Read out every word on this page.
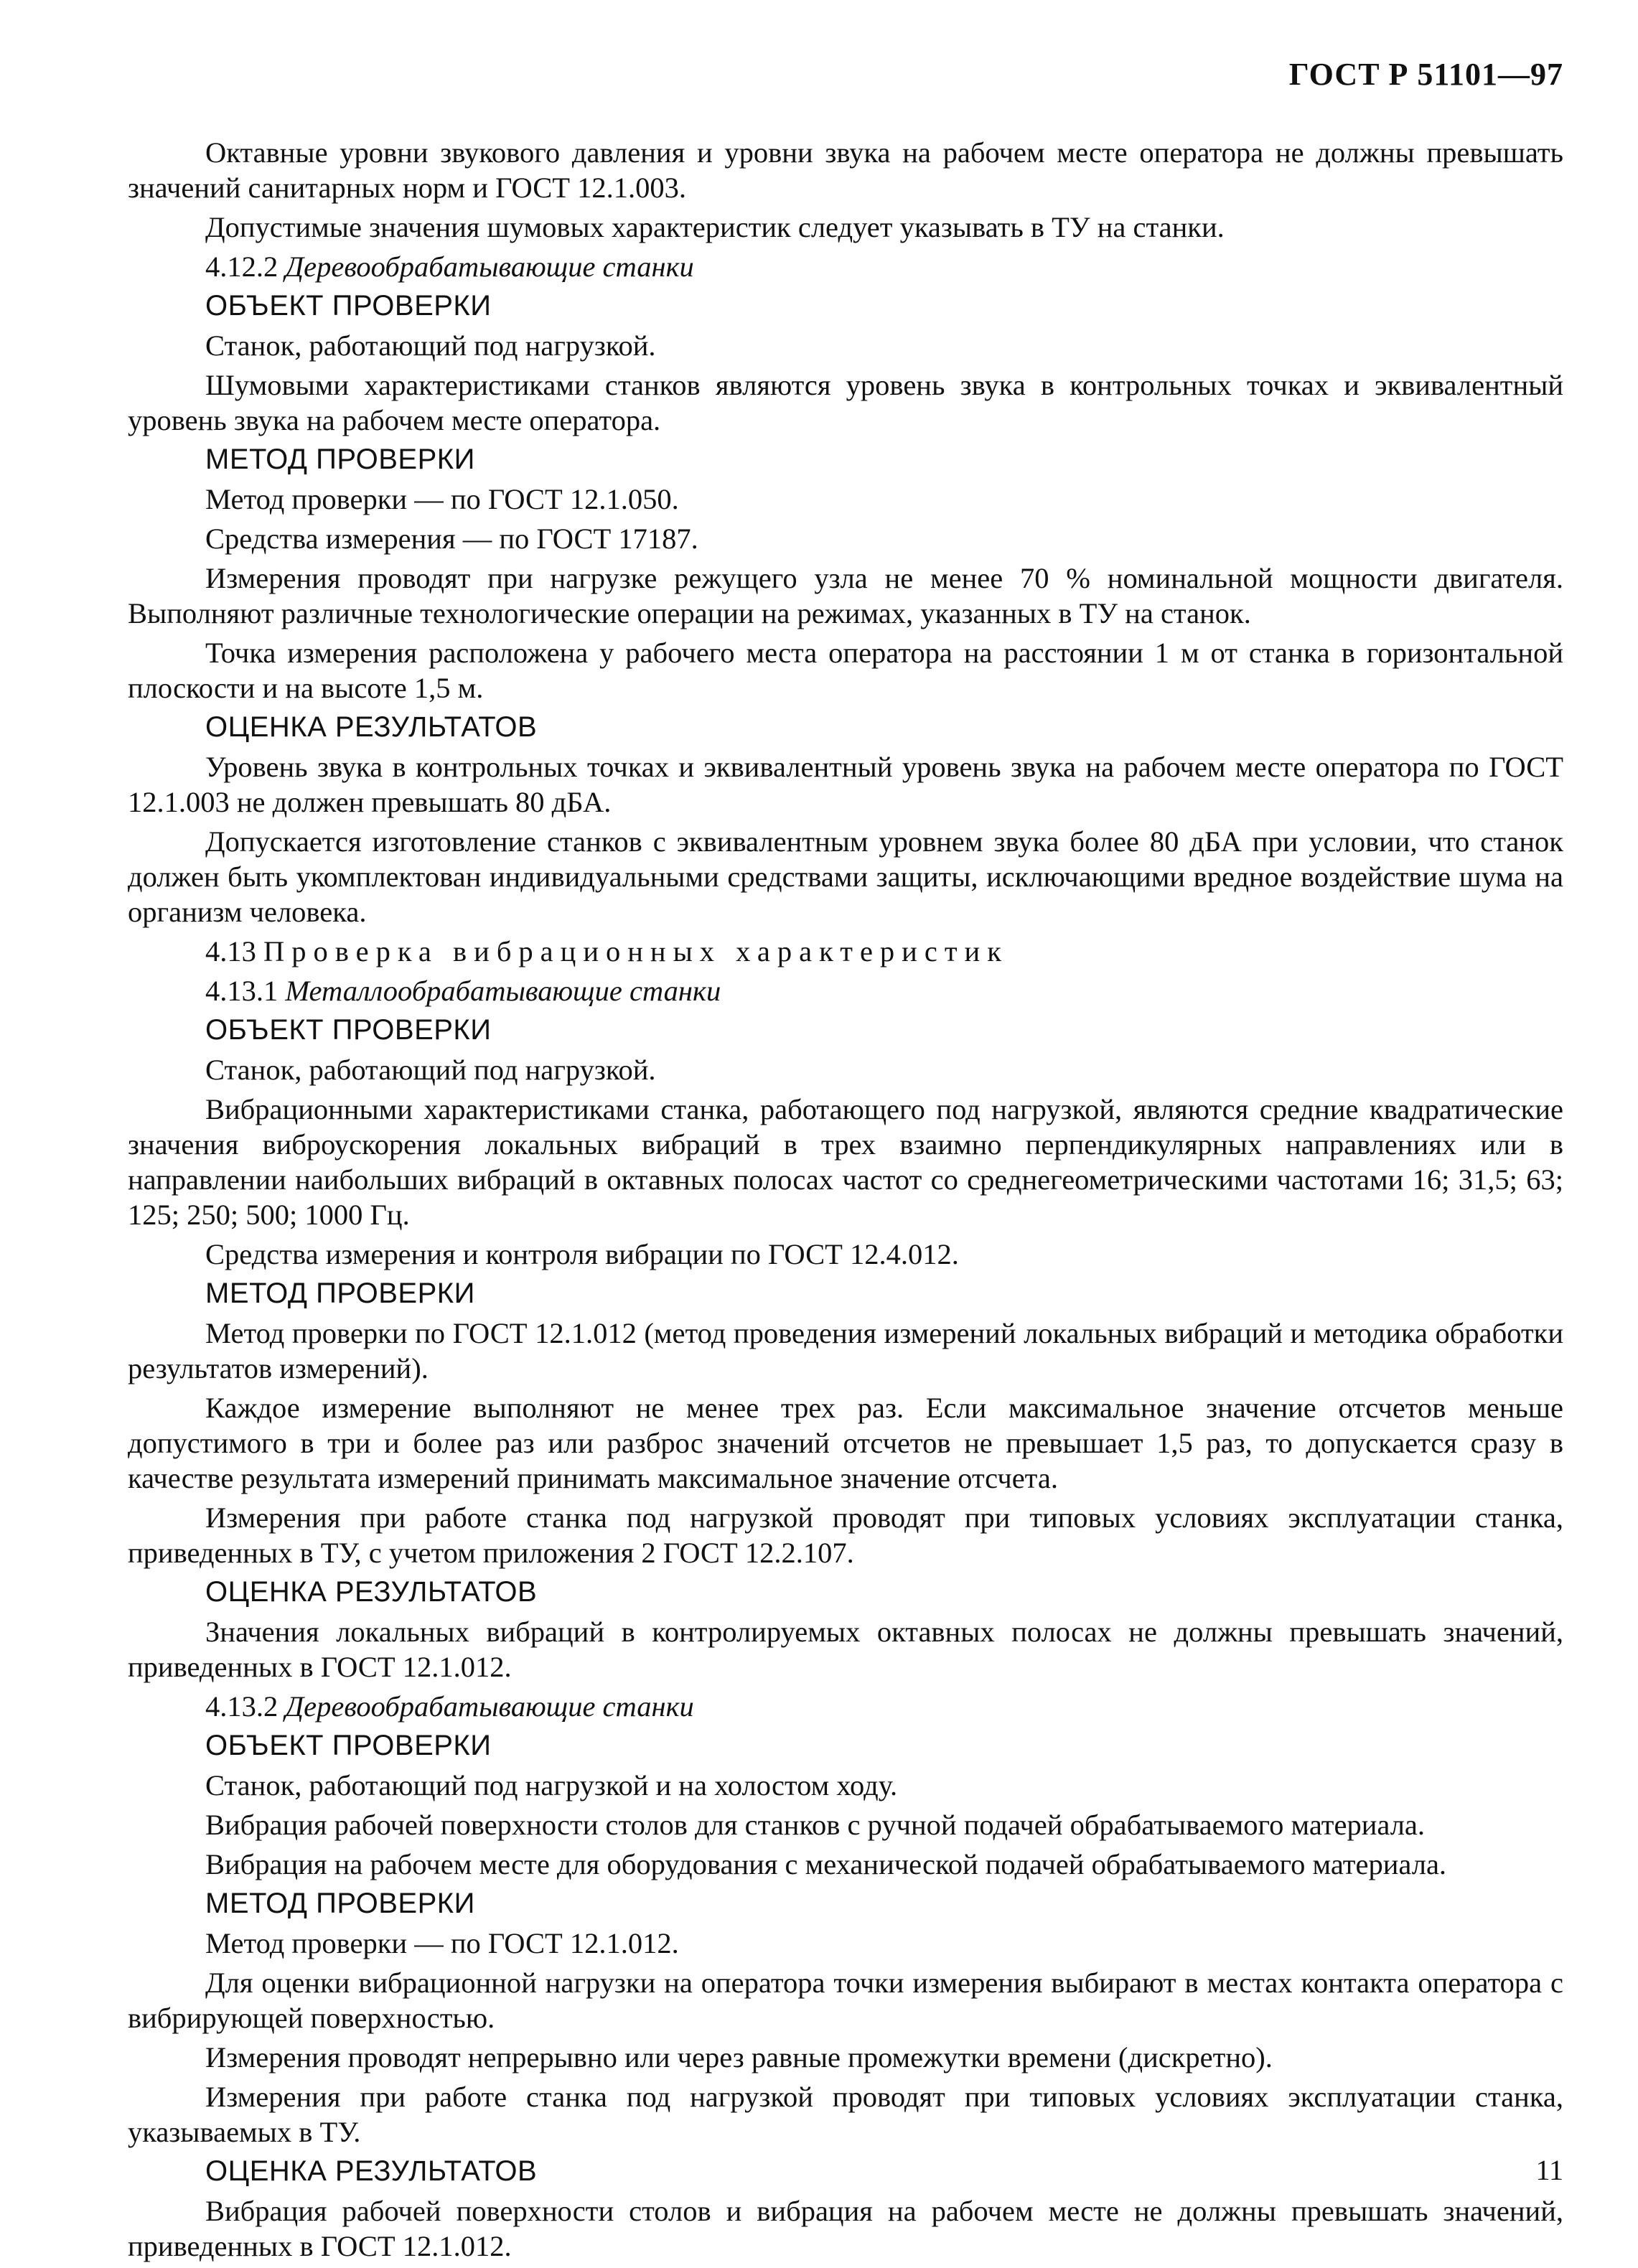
ГОСТ Р 51101—97

Октавные уровни звукового давления и уровни звука на рабочем месте оператора не должны превышать значений санитарных норм и ГОСТ 12.1.003.

Допустимые значения шумовых характеристик следует указывать в ТУ на станки.

4.12.2 Деревообрабатывающие станки
ОБЪЕКТ ПРОВЕРКИ

Станок, работающий под нагрузкой.

Шумовыми характеристиками станков являются уровень звука в контрольных точках и эквивалентный уровень звука на рабочем месте оператора.

МЕТОД ПРОВЕРКИ

Метод проверки — по ГОСТ 12.1.050.

Средства измерения — по ГОСТ 17187.

Измерения проводят при нагрузке режущего узла не менее 70 % номинальной мощности двигателя. Выполняют различные технологические операции на режимах, указанных в ТУ на станок.

Точка измерения расположена у рабочего места оператора на расстоянии 1 м от станка в горизонтальной плоскости и на высоте 1,5 м.

ОЦЕНКА РЕЗУЛЬТАТОВ

Уровень звука в контрольных точках и эквивалентный уровень звука на рабочем месте оператора по ГОСТ 12.1.003 не должен превышать 80 дБА.

Допускается изготовление станков с эквивалентным уровнем звука более 80 дБА при условии, что станок должен быть укомплектован индивидуальными средствами защиты, исключающими вредное воздействие шума на организм человека.

4.13 Проверка вибрационных характеристик
4.13.1 Металлообрабатывающие станки
ОБЪЕКТ ПРОВЕРКИ

Станок, работающий под нагрузкой.

Вибрационными характеристиками станка, работающего под нагрузкой, являются средние квадратические значения виброускорения локальных вибраций в трех взаимно перпендикулярных направлениях или в направлении наибольших вибраций в октавных полосах частот со среднегеометрическими частотами 16; 31,5; 63; 125; 250; 500; 1000 Гц.

Средства измерения и контроля вибрации по ГОСТ 12.4.012.

МЕТОД ПРОВЕРКИ

Метод проверки по ГОСТ 12.1.012 (метод проведения измерений локальных вибраций и методика обработки результатов измерений).

Каждое измерение выполняют не менее трех раз. Если максимальное значение отсчетов меньше допустимого в три и более раз или разброс значений отсчетов не превышает 1,5 раз, то допускается сразу в качестве результата измерений принимать максимальное значение отсчета.

Измерения при работе станка под нагрузкой проводят при типовых условиях эксплуатации станка, приведенных в ТУ, с учетом приложения 2 ГОСТ 12.2.107.

ОЦЕНКА РЕЗУЛЬТАТОВ

Значения локальных вибраций в контролируемых октавных полосах не должны превышать значений, приведенных в ГОСТ 12.1.012.

4.13.2 Деревообрабатывающие станки
ОБЪЕКТ ПРОВЕРКИ

Станок, работающий под нагрузкой и на холостом ходу.

Вибрация рабочей поверхности столов для станков с ручной подачей обрабатываемого материала.

Вибрация на рабочем месте для оборудования с механической подачей обрабатываемого материала.

МЕТОД ПРОВЕРКИ

Метод проверки — по ГОСТ 12.1.012.

Для оценки вибрационной нагрузки на оператора точки измерения выбирают в местах контакта оператора с вибрирующей поверхностью.

Измерения проводят непрерывно или через равные промежутки времени (дискретно).

Измерения при работе станка под нагрузкой проводят при типовых условиях эксплуатации станка, указываемых в ТУ.

ОЦЕНКА РЕЗУЛЬТАТОВ

Вибрация рабочей поверхности столов и вибрация на рабочем месте не должны превышать значений, приведенных в ГОСТ 12.1.012.

11
